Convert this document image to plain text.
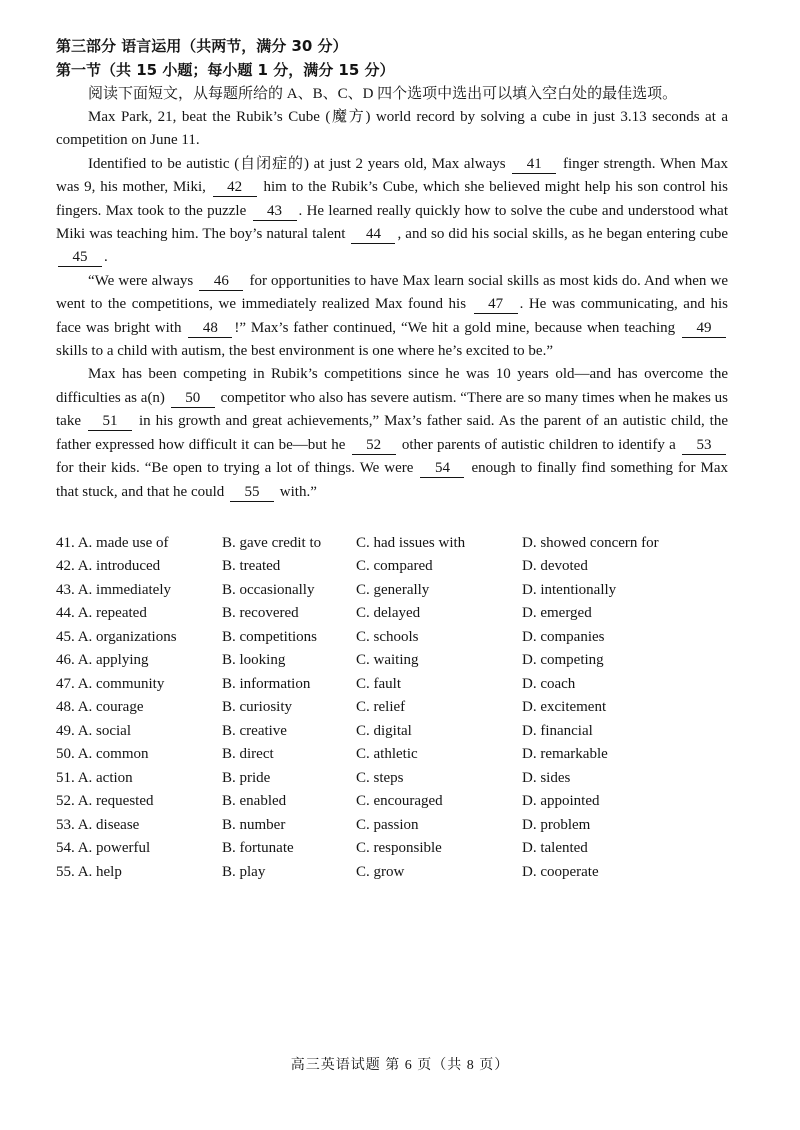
第三部分 语言运用（共两节，满分 30 分）

第一节（共 15 小题；每小题 1 分，满分 15 分）

阅读下面短文，从每题所给的 A、B、C、D 四个选项中选出可以填入空白处的最佳选项。

Max Park, 21, beat the Rubik’s Cube (魔方) world record by solving a cube in just 3.13 seconds at a competition on June 11.

Identified to be autistic (自闭症的) at just 2 years old, Max always 41 finger strength. When Max was 9, his mother, Miki, 42 him to the Rubik’s Cube, which she believed might help his son control his fingers. Max took to the puzzle 43 . He learned really quickly how to solve the cube and understood what Miki was teaching him. The boy’s natural talent 44 , and so did his social skills, as he began entering cube 45 .

“We were always 46 for opportunities to have Max learn social skills as most kids do. And when we went to the competitions, we immediately realized Max found his 47 . He was communicating, and his face was bright with 48 !” Max’s father continued, “We hit a gold mine, because when teaching 49 skills to a child with autism, the best environment is one where he’s excited to be.”

Max has been competing in Rubik’s competitions since he was 10 years old—and has overcome the difficulties as a(n) 50 competitor who also has severe autism. “There are so many times when he makes us take 51 in his growth and great achievements,” Max’s father said. As the parent of an autistic child, the father expressed how difficult it can be—but he 52 other parents of autistic children to identify a 53 for their kids. “Be open to trying a lot of things. We were 54 enough to finally find something for Max that stuck, and that he could 55 with.”

41. A. made use of	B. gave credit to	C. had issues with	D. showed concern for
42. A. introduced	B. treated	C. compared	D. devoted
43. A. immediately	B. occasionally	C. generally	D. intentionally
44. A. repeated	B. recovered	C. delayed	D. emerged
45. A. organizations	B. competitions	C. schools	D. companies
46. A. applying	B. looking	C. waiting	D. competing
47. A. community	B. information	C. fault	D. coach
48. A. courage	B. curiosity	C. relief	D. excitement
49. A. social	B. creative	C. digital	D. financial
50. A. common	B. direct	C. athletic	D. remarkable
51. A. action	B. pride	C. steps	D. sides
52. A. requested	B. enabled	C. encouraged	D. appointed
53. A. disease	B. number	C. passion	D. problem
54. A. powerful	B. fortunate	C. responsible	D. talented
55. A. help	B. play	C. grow	D. cooperate
高三英语试题 第 6 页（共 8 页）
